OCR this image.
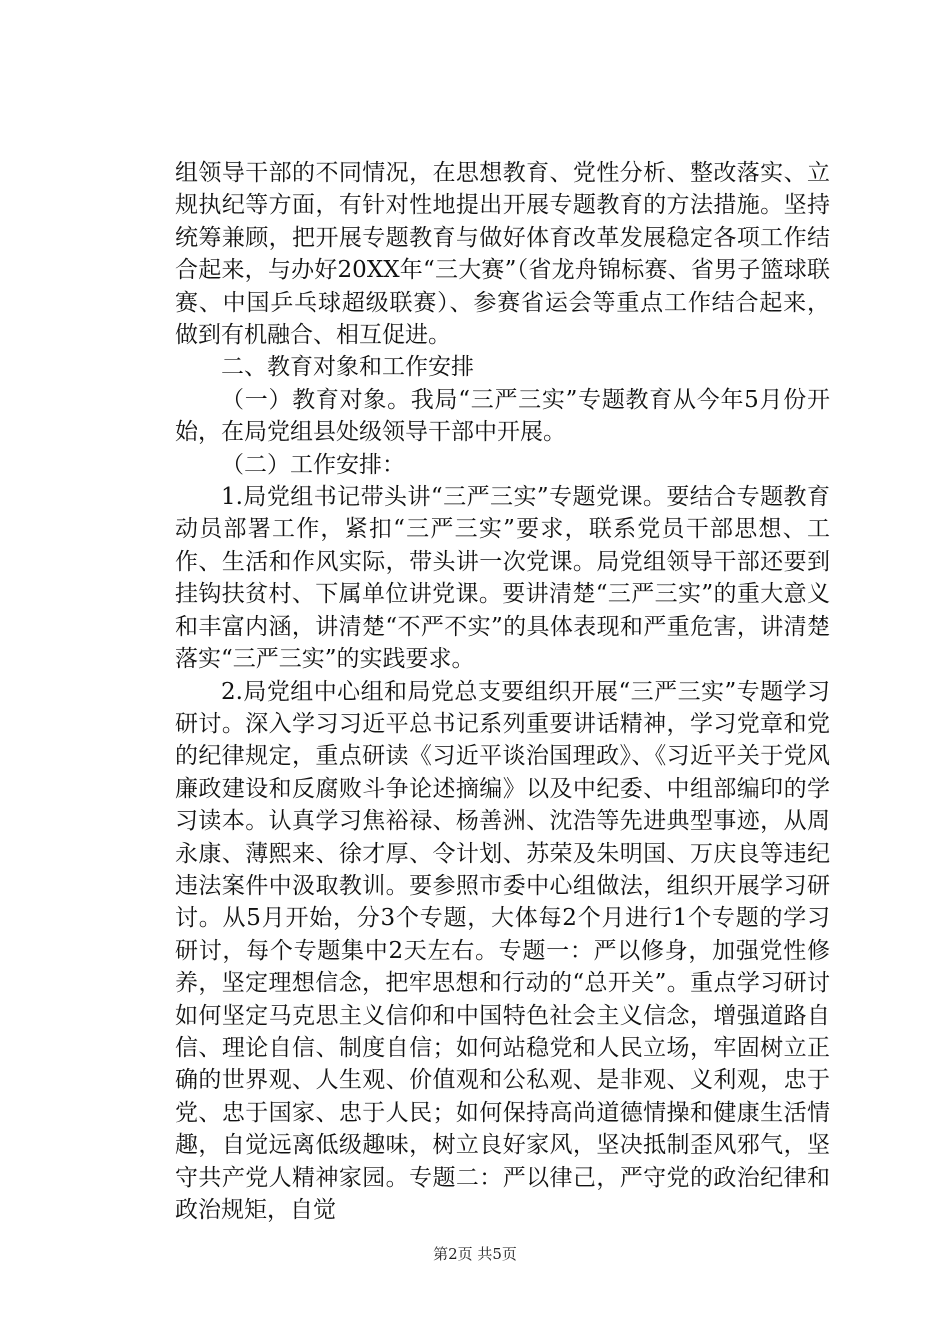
组领导干部的不同情况，在思想教育、党性分析、整改落实、立规执纪等方面，有针对性地提出开展专题教育的方法措施。坚持统筹兼顾，把开展专题教育与做好体育改革发展稳定各项工作结合起来，与办好20XX年“三大赛”（省龙舟锦标赛、省男子篮球联赛、中国乒乓球超级联赛）、参赛省运会等重点工作结合起来，做到有机融合、相互促进。

二、教育对象和工作安排

（一）教育对象。我局“三严三实”专题教育从今年5月份开始，在局党组县处级领导干部中开展。

（二）工作安排：

1.局党组书记带头讲“三严三实”专题党课。要结合专题教育动员部署工作，紧扣“三严三实”要求，联系党员干部思想、工作、生活和作风实际，带头讲一次党课。局党组领导干部还要到挂钩扶贫村、下属单位讲党课。要讲清楚“三严三实”的重大意义和丰富内涵，讲清楚“不严不实”的具体表现和严重危害，讲清楚落实“三严三实”的实践要求。

2.局党组中心组和局党总支要组织开展“三严三实”专题学习研讨。深入学习习近平总书记系列重要讲话精神，学习党章和党的纪律规定，重点研读《习近平谈治国理政》、《习近平关于党风廉政建设和反腐败斗争论述摘编》以及中纪委、中组部编印的学习读本。认真学习焦裕禄、杨善洲、沈浩等先进典型事迹，从周永康、薄熙来、徐才厚、令计划、苏荣及朱明国、万庆良等违纪违法案件中汲取教训。要参照市委中心组做法，组织开展学习研讨。从5月开始，分3个专题，大体每2个月进行1个专题的学习研讨，每个专题集中2天左右。专题一：严以修身，加强党性修养，坚定理想信念，把牢思想和行动的“总开关”。重点学习研讨如何坚定马克思主义信仰和中国特色社会主义信念，增强道路自信、理论自信、制度自信；如何站稳党和人民立场，牢固树立正确的世界观、人生观、价值观和公私观、是非观、义利观，忠于党、忠于国家、忠于人民；如何保持高尚道德情操和健康生活情趣，自觉远离低级趣味，树立良好家风，坚决抵制歪风邪气，坚守共产党人精神家园。专题二：严以律己，严守党的政治纪律和政治规矩，自觉

第2页 共5页
